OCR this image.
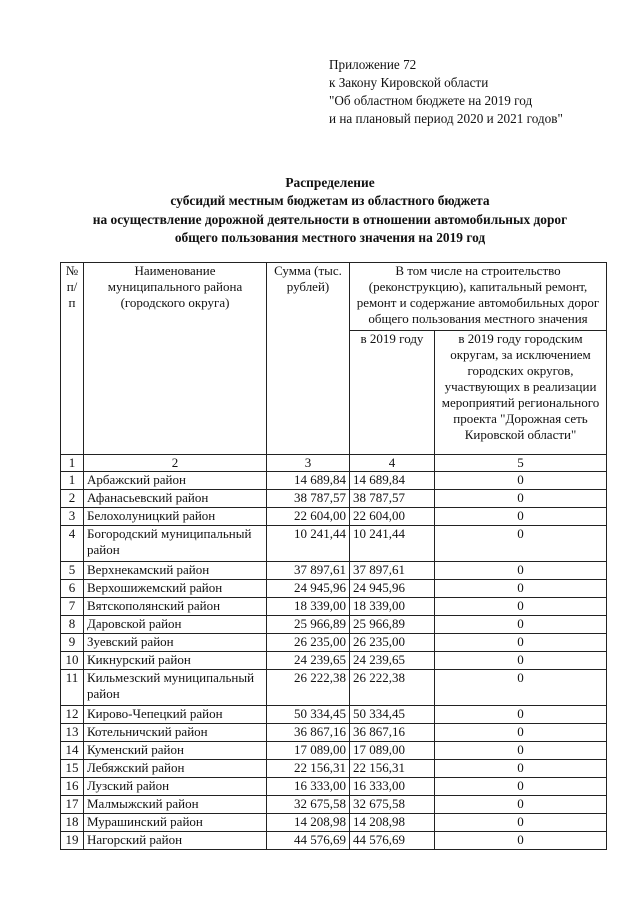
Приложение 72
к Закону Кировской области
"Об областном бюджете на 2019 год
и на плановый период 2020 и 2021 годов"
Распределение
субсидий местным бюджетам из областного бюджета
на осуществление дорожной деятельности в отношении автомобильных дорог
общего пользования местного значения на 2019 год
№ п/п	Наименование муниципального района (городского округа)	Сумма (тыс. рублей)	В том числе на строительство (реконструкцию), капитальный ремонт, ремонт и содержание автомобильных дорог общего пользования местного значения	
			в 2019 году	в 2019 году городским округам, за исключением городских округов, участвующих в реализации мероприятий регионального проекта "Дорожная сеть Кировской области"
1	2	3	4	5
1	Арбажский район	14 689,84	14 689,84	0
2	Афанасьевский район	38 787,57	38 787,57	0
3	Белохолуницкий район	22 604,00	22 604,00	0
4	Богородский муниципальный район	10 241,44	10 241,44	0
5	Верхнекамский район	37 897,61	37 897,61	0
6	Верхошижемский район	24 945,96	24 945,96	0
7	Вятскополянский район	18 339,00	18 339,00	0
8	Даровской район	25 966,89	25 966,89	0
9	Зуевский район	26 235,00	26 235,00	0
10	Кикнурский район	24 239,65	24 239,65	0
11	Кильмезский муниципальный район	26 222,38	26 222,38	0
12	Кирово-Чепецкий район	50 334,45	50 334,45	0
13	Котельничский район	36 867,16	36 867,16	0
14	Куменский район	17 089,00	17 089,00	0
15	Лебяжский район	22 156,31	22 156,31	0
16	Лузский район	16 333,00	16 333,00	0
17	Малмыжский район	32 675,58	32 675,58	0
18	Мурашинский район	14 208,98	14 208,98	0
19	Нагорский район	44 576,69	44 576,69	0
